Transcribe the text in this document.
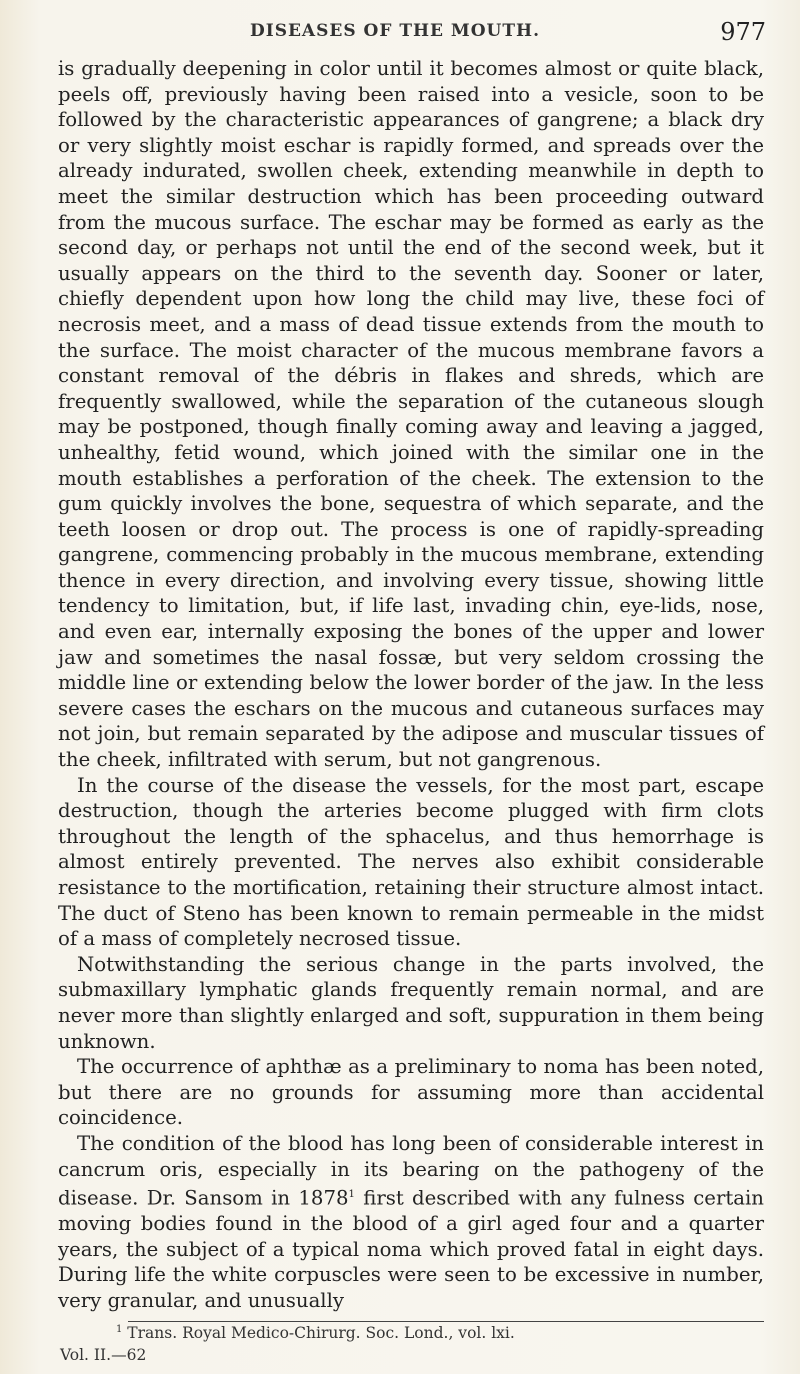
DISEASES OF THE MOUTH.	977

is gradually deepening in color until it becomes almost or quite black, peels off, previously having been raised into a vesicle, soon to be followed by the characteristic appearances of gangrene; a black dry or very slightly moist eschar is rapidly formed, and spreads over the already indurated, swollen cheek, extending meanwhile in depth to meet the similar destruction which has been proceeding outward from the mucous surface. The eschar may be formed as early as the second day, or perhaps not until the end of the second week, but it usually appears on the third to the seventh day. Sooner or later, chiefly dependent upon how long the child may live, these foci of necrosis meet, and a mass of dead tissue extends from the mouth to the surface. The moist character of the mucous membrane favors a constant removal of the débris in flakes and shreds, which are frequently swallowed, while the separation of the cutaneous slough may be postponed, though finally coming away and leaving a jagged, unhealthy, fetid wound, which joined with the similar one in the mouth establishes a perforation of the cheek. The extension to the gum quickly involves the bone, sequestra of which separate, and the teeth loosen or drop out. The process is one of rapidly-spreading gangrene, commencing probably in the mucous membrane, extending thence in every direction, and involving every tissue, showing little tendency to limitation, but, if life last, invading chin, eye-lids, nose, and even ear, internally exposing the bones of the upper and lower jaw and sometimes the nasal fossæ, but very seldom crossing the middle line or extending below the lower border of the jaw. In the less severe cases the eschars on the mucous and cutaneous surfaces may not join, but remain separated by the adipose and muscular tissues of the cheek, infiltrated with serum, but not gangrenous.

In the course of the disease the vessels, for the most part, escape destruction, though the arteries become plugged with firm clots throughout the length of the sphacelus, and thus hemorrhage is almost entirely prevented. The nerves also exhibit considerable resistance to the mortification, retaining their structure almost intact. The duct of Steno has been known to remain permeable in the midst of a mass of completely necrosed tissue.

Notwithstanding the serious change in the parts involved, the submaxillary lymphatic glands frequently remain normal, and are never more than slightly enlarged and soft, suppuration in them being unknown.

The occurrence of aphthæ as a preliminary to noma has been noted, but there are no grounds for assuming more than accidental coincidence.

The condition of the blood has long been of considerable interest in cancrum oris, especially in its bearing on the pathogeny of the disease. Dr. Sansom in 1878$^1$ first described with any fulness certain moving bodies found in the blood of a girl aged four and a quarter years, the subject of a typical noma which proved fatal in eight days. During life the white corpuscles were seen to be excessive in number, very granular, and unusually

$^1$ Trans. Royal Medico-Chirurg. Soc. Lond., vol. lxi.
Vol. II.—62
